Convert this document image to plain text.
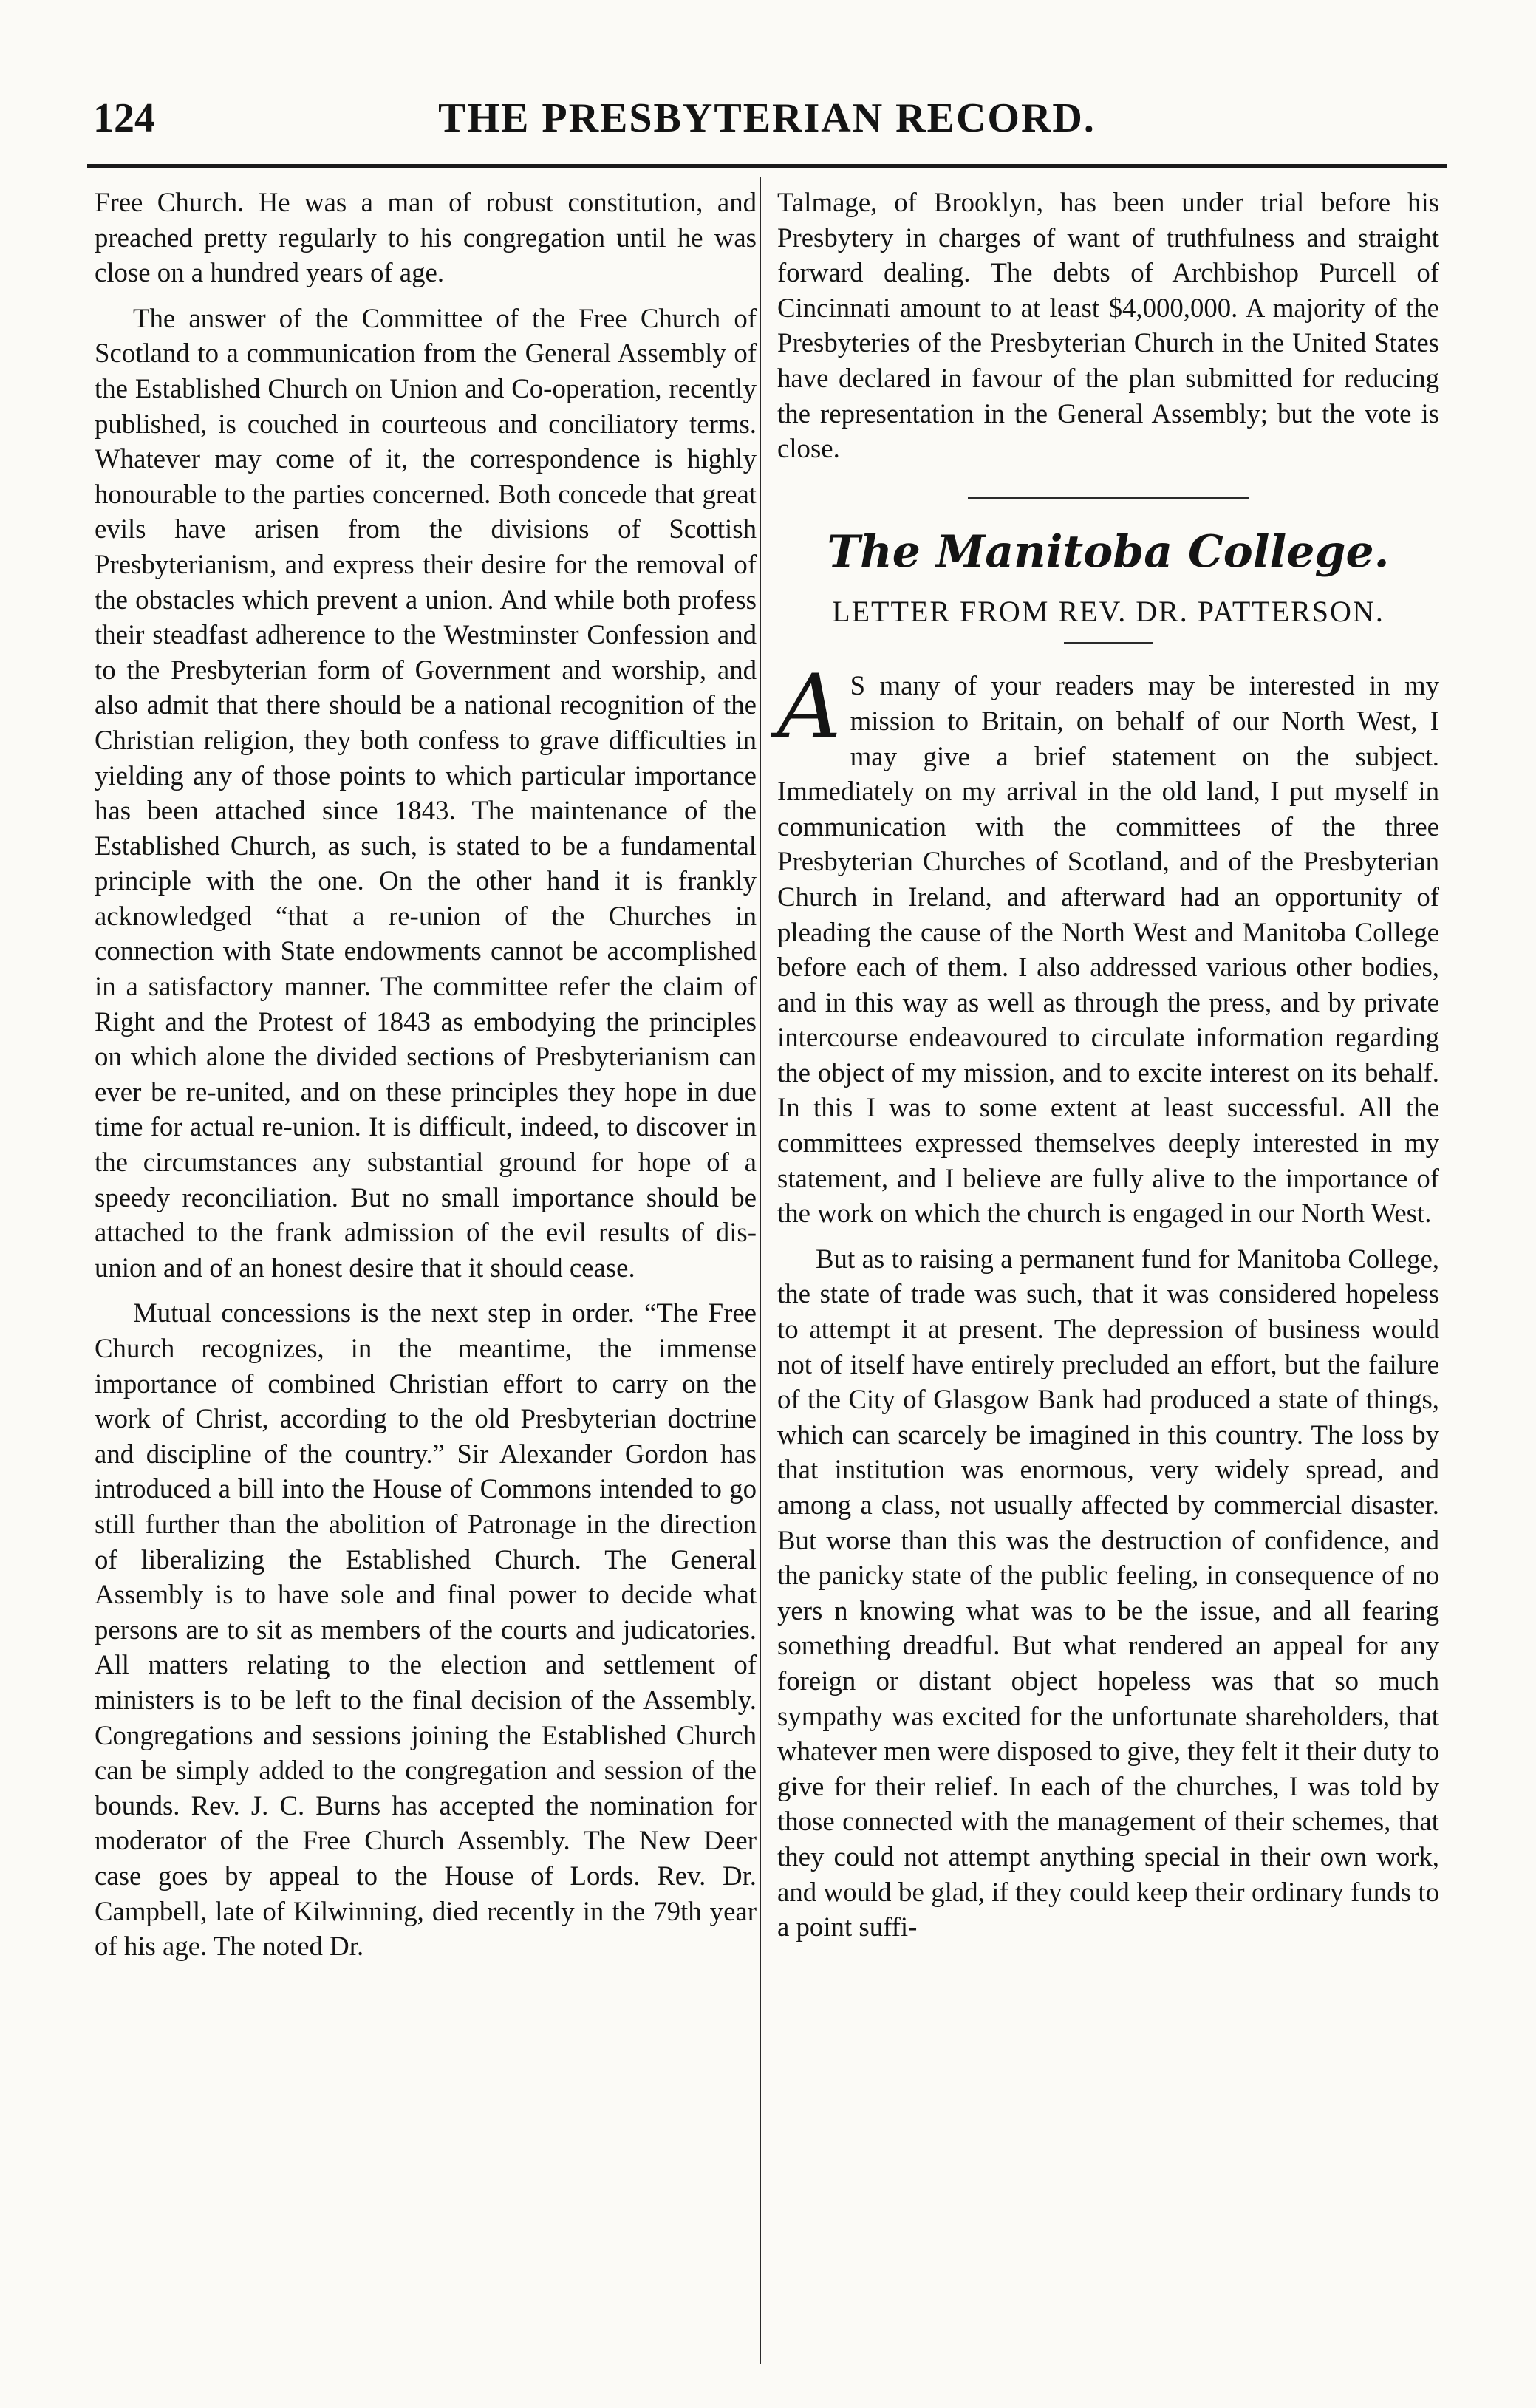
124	THE PRESBYTERIAN RECORD.

Free Church. He was a man of robust constitution, and preached pretty regularly to his congregation until he was close on a hundred years of age.

The answer of the Committee of the Free Church of Scotland to a communication from the General Assembly of the Established Church on Union and Co-operation, recently published, is couched in courteous and conciliatory terms. Whatever may come of it, the correspondence is highly honourable to the parties concerned. Both concede that great evils have arisen from the divisions of Scottish Presbyterianism, and express their desire for the removal of the obstacles which prevent a union. And while both profess their steadfast adherence to the Westminster Confession and to the Presbyterian form of Government and worship, and also admit that there should be a national recognition of the Christian religion, they both confess to grave difficulties in yielding any of those points to which particular importance has been attached since 1843. The maintenance of the Established Church, as such, is stated to be a fundamental principle with the one. On the other hand it is frankly acknowledged “that a re-union of the Churches in connection with State endowments cannot be accomplished in a satisfactory manner. The committee refer the claim of Right and the Protest of 1843 as embodying the principles on which alone the divided sections of Presbyterianism can ever be re-united, and on these principles they hope in due time for actual re-union. It is difficult, indeed, to discover in the circumstances any substantial ground for hope of a speedy reconciliation. But no small importance should be attached to the frank admission of the evil results of dis-union and of an honest desire that it should cease.

Mutual concessions is the next step in order. “The Free Church recognizes, in the meantime, the immense importance of combined Christian effort to carry on the work of Christ, according to the old Presbyterian doctrine and discipline of the country.” Sir Alexander Gordon has introduced a bill into the House of Commons intended to go still further than the abolition of Patronage in the direction of liberalizing the Established Church. The General Assembly is to have sole and final power to decide what persons are to sit as members of the courts and judicatories. All matters relating to the election and settlement of ministers is to be left to the final decision of the Assembly. Congregations and sessions joining the Established Church can be simply added to the congregation and session of the bounds. Rev. J. C. Burns has accepted the nomination for moderator of the Free Church Assembly. The New Deer case goes by appeal to the House of Lords. Rev. Dr. Campbell, late of Kilwinning, died recently in the 79th year of his age. The noted Dr.

Talmage, of Brooklyn, has been under trial before his Presbytery in charges of want of truthfulness and straight forward dealing. The debts of Archbishop Purcell of Cincinnati amount to at least $4,000,000. A majority of the Presbyteries of the Presbyterian Church in the United States have declared in favour of the plan submitted for reducing the representation in the General Assembly; but the vote is close.

The Manitoba College.
LETTER FROM REV. DR. PATTERSON.

A S many of your readers may be interested in my mission to Britain, on behalf of our North West, I may give a brief statement on the subject. Immediately on my arrival in the old land, I put myself in communication with the committees of the three Presbyterian Churches of Scotland, and of the Presbyterian Church in Ireland, and afterward had an opportunity of pleading the cause of the North West and Manitoba College before each of them. I also addressed various other bodies, and in this way as well as through the press, and by private intercourse endeavoured to circulate information regarding the object of my mission, and to excite interest on its behalf. In this I was to some extent at least successful. All the committees expressed themselves deeply interested in my statement, and I believe are fully alive to the importance of the work on which the church is engaged in our North West.

But as to raising a permanent fund for Manitoba College, the state of trade was such, that it was considered hopeless to attempt it at present. The depression of business would not of itself have entirely precluded an effort, but the failure of the City of Glasgow Bank had produced a state of things, which can scarcely be imagined in this country. The loss by that institution was enormous, very widely spread, and among a class, not usually affected by commercial disaster. But worse than this was the destruction of confidence, and the panicky state of the public feeling, in consequence of no yers n knowing what was to be the issue, and all fearing something dreadful. But what rendered an appeal for any foreign or distant object hopeless was that so much sympathy was excited for the unfortunate shareholders, that whatever men were disposed to give, they felt it their duty to give for their relief. In each of the churches, I was told by those connected with the management of their schemes, that they could not attempt anything special in their own work, and would be glad, if they could keep their ordinary funds to a point suffi-
